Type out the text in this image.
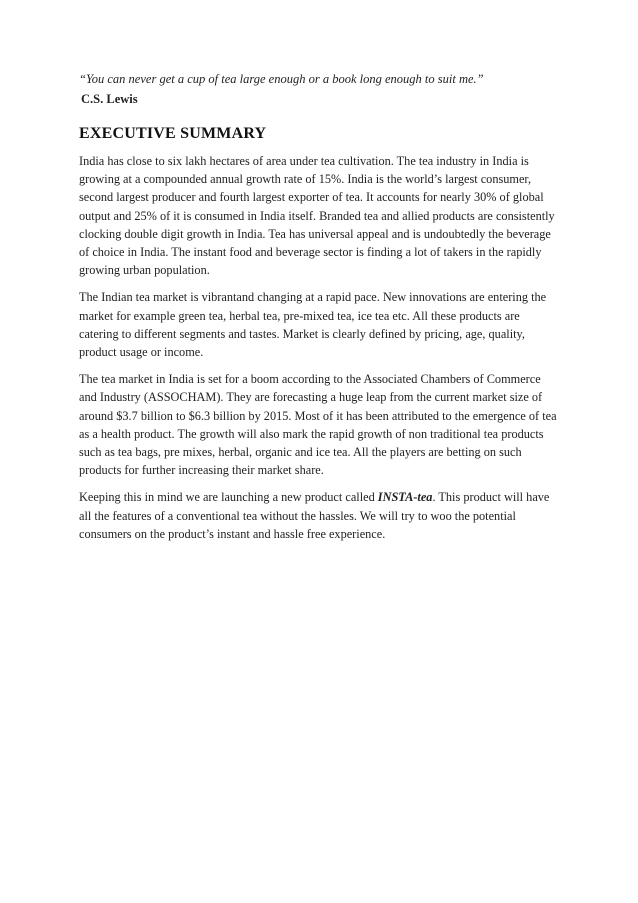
“You can never get a cup of tea large enough or a book long enough to suit me.”

C.S. Lewis

EXECUTIVE SUMMARY

India has close to six lakh hectares of area under tea cultivation. The tea industry in India is growing at a compounded annual growth rate of 15%. India is the world’s largest consumer, second largest producer and fourth largest exporter of tea. It accounts for nearly 30% of global output and 25% of it is consumed in India itself. Branded tea and allied products are consistently clocking double digit growth in India. Tea has universal appeal and is undoubtedly the beverage of choice in India. The instant food and beverage sector is finding a lot of takers in the rapidly growing urban population.

The Indian tea market is vibrantand changing at a rapid pace. New innovations are entering the market for example green tea, herbal tea, pre-mixed tea, ice tea etc. All these products are catering to different segments and tastes. Market is clearly defined by pricing, age, quality, product usage or income.

The tea market in India is set for a boom according to the Associated Chambers of Commerce and Industry (ASSOCHAM). They are forecasting a huge leap from the current market size of around $3.7 billion to $6.3 billion by 2015. Most of it has been attributed to the emergence of tea as a health product. The growth will also mark the rapid growth of non traditional tea products such as tea bags, pre mixes, herbal, organic and ice tea. All the players are betting on such products for further increasing their market share.

Keeping this in mind we are launching a new product called INSTA-tea. This product will have all the features of a conventional tea without the hassles. We will try to woo the potential consumers on the product’s instant and hassle free experience.
